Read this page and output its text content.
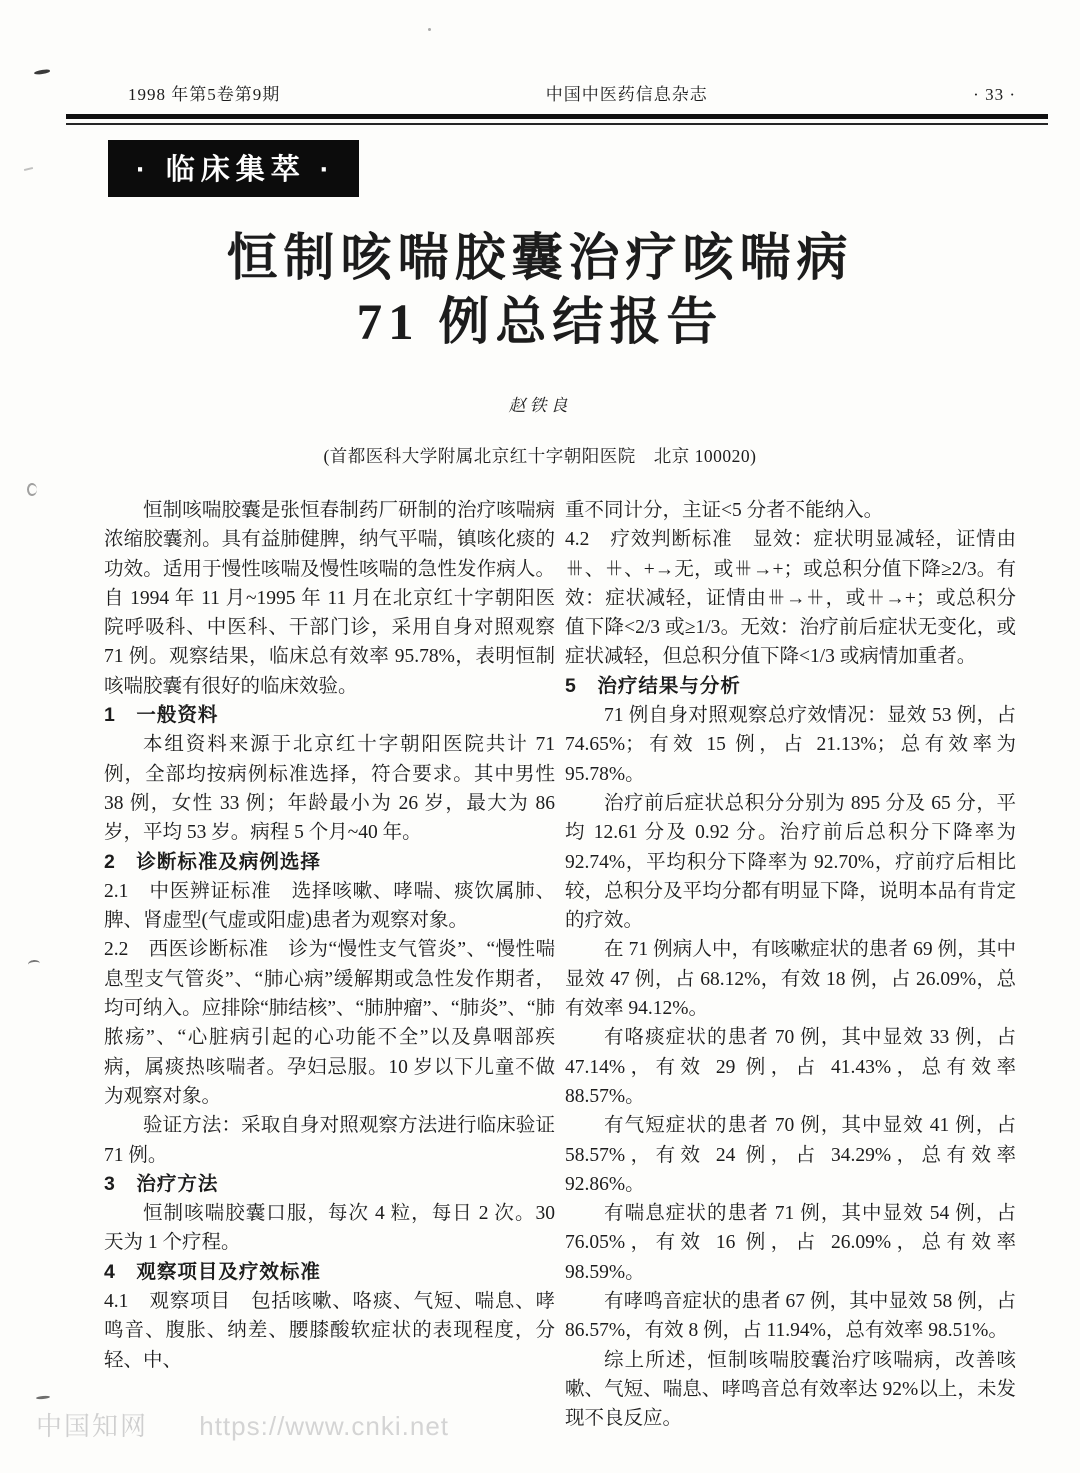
1998 年第5卷第9期	中国中医药信息杂志	· 33 ·
· 临床集萃 ·
恒制咳喘胶囊治疗咳喘病
71 例总结报告
赵铁良
(首都医科大学附属北京红十字朝阳医院　北京 100020)

恒制咳喘胶囊是张恒春制药厂研制的治疗咳喘病浓缩胶囊剂。具有益肺健脾，纳气平喘，镇咳化痰的功效。适用于慢性咳喘及慢性咳喘的急性发作病人。自 1994 年 11 月~1995 年 11 月在北京红十字朝阳医院呼吸科、中医科、干部门诊，采用自身对照观察 71 例。观察结果，临床总有效率 95.78%，表明恒制咳喘胶囊有很好的临床效验。

1　一般资料

本组资料来源于北京红十字朝阳医院共计 71 例，全部均按病例标准选择，符合要求。其中男性 38 例，女性 33 例；年龄最小为 26 岁，最大为 86 岁，平均 53 岁。病程 5 个月~40 年。

2　诊断标准及病例选择

2.1　中医辨证标准　选择咳嗽、哮喘、痰饮属肺、脾、肾虚型(气虚或阳虚)患者为观察对象。

2.2　西医诊断标准　诊为“慢性支气管炎”、“慢性喘息型支气管炎”、“肺心病”缓解期或急性发作期者，均可纳入。应排除“肺结核”、“肺肿瘤”、“肺炎”、“肺脓疡”、“心脏病引起的心功能不全”以及鼻咽部疾病，属痰热咳喘者。孕妇忌服。10 岁以下儿童不做为观察对象。

验证方法：采取自身对照观察方法进行临床验证 71 例。

3　治疗方法

恒制咳喘胶囊口服，每次 4 粒，每日 2 次。30 天为 1 个疗程。

4　观察项目及疗效标准

4.1　观察项目　包括咳嗽、咯痰、气短、喘息、哮鸣音、腹胀、纳差、腰膝酸软症状的表现程度，分轻、中、

重不同计分，主证<5 分者不能纳入。

4.2　疗效判断标准　显效：症状明显减轻，证情由⧻、⧺、+→无，或⧻→+；或总积分值下降≥2/3。有效：症状减轻，证情由⧻→⧺，或⧺→+；或总积分值下降<2/3 或≥1/3。无效：治疗前后症状无变化，或症状减轻，但总积分值下降<1/3 或病情加重者。

5　治疗结果与分析

71 例自身对照观察总疗效情况：显效 53 例，占 74.65%；有效 15 例，占 21.13%；总有效率为 95.78%。

治疗前后症状总积分分别为 895 分及 65 分，平均 12.61 分及 0.92 分。治疗前后总积分下降率为 92.74%，平均积分下降率为 92.70%，疗前疗后相比较，总积分及平均分都有明显下降，说明本品有肯定的疗效。

在 71 例病人中，有咳嗽症状的患者 69 例，其中显效 47 例，占 68.12%，有效 18 例，占 26.09%，总有效率 94.12%。

有咯痰症状的患者 70 例，其中显效 33 例，占 47.14%，有效 29 例，占 41.43%，总有效率 88.57%。

有气短症状的患者 70 例，其中显效 41 例，占 58.57%，有效 24 例，占 34.29%，总有效率 92.86%。

有喘息症状的患者 71 例，其中显效 54 例，占 76.05%，有效 16 例，占 26.09%，总有效率 98.59%。

有哮鸣音症状的患者 67 例，其中显效 58 例，占 86.57%，有效 8 例，占 11.94%，总有效率 98.51%。

综上所述，恒制咳喘胶囊治疗咳喘病，改善咳嗽、气短、喘息、哮鸣音总有效率达 92%以上，未发现不良反应。

中国知网 https://www.cnki.net
